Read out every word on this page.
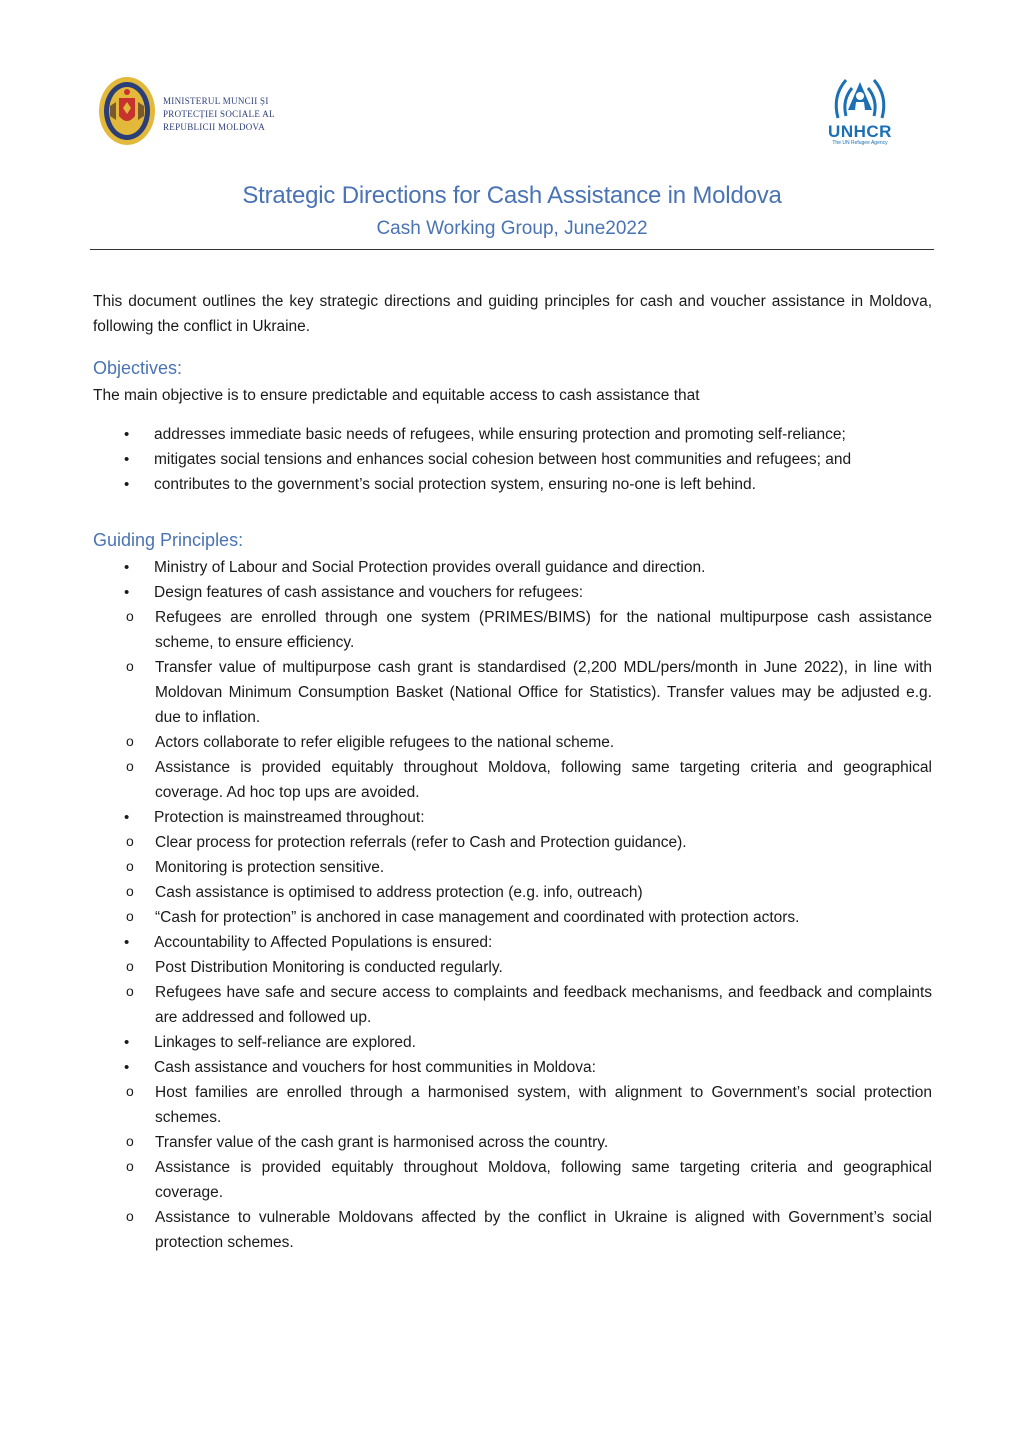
MINISTERUL MUNCII ȘI
PROTECȚIEI SOCIALE AL
REPUBLICII MOLDOVA	UNHCR
The UN Refugee Agency
Strategic Directions for Cash Assistance in Moldova
Cash Working Group, June2022

This document outlines the key strategic directions and guiding principles for cash and voucher assistance in Moldova, following the conflict in Ukraine.

Objectives:

The main objective is to ensure predictable and equitable access to cash assistance that

• addresses immediate basic needs of refugees, while ensuring protection and promoting self-reliance;
• mitigates social tensions and enhances social cohesion between host communities and refugees; and
• contributes to the government’s social protection system, ensuring no-one is left behind.
Guiding Principles:
• Ministry of Labour and Social Protection provides overall guidance and direction.
• Design features of cash assistance and vouchers for refugees:
o Refugees are enrolled through one system (PRIMES/BIMS) for the national multipurpose cash assistance scheme, to ensure efficiency.
o Transfer value of multipurpose cash grant is standardised (2,200 MDL/pers/month in June 2022), in line with Moldovan Minimum Consumption Basket (National Office for Statistics). Transfer values may be adjusted e.g. due to inflation.
o Actors collaborate to refer eligible refugees to the national scheme.
o Assistance is provided equitably throughout Moldova, following same targeting criteria and geographical coverage. Ad hoc top ups are avoided.
• Protection is mainstreamed throughout:
o Clear process for protection referrals (refer to Cash and Protection guidance).
o Monitoring is protection sensitive.
o Cash assistance is optimised to address protection (e.g. info, outreach)
o “Cash for protection” is anchored in case management and coordinated with protection actors.
• Accountability to Affected Populations is ensured:
o Post Distribution Monitoring is conducted regularly.
o Refugees have safe and secure access to complaints and feedback mechanisms, and feedback and complaints are addressed and followed up.
• Linkages to self-reliance are explored.
• Cash assistance and vouchers for host communities in Moldova:
o Host families are enrolled through a harmonised system, with alignment to Government’s social protection schemes.
o Transfer value of the cash grant is harmonised across the country.
o Assistance is provided equitably throughout Moldova, following same targeting criteria and geographical coverage.
o Assistance to vulnerable Moldovans affected by the conflict in Ukraine is aligned with Government’s social protection schemes.
